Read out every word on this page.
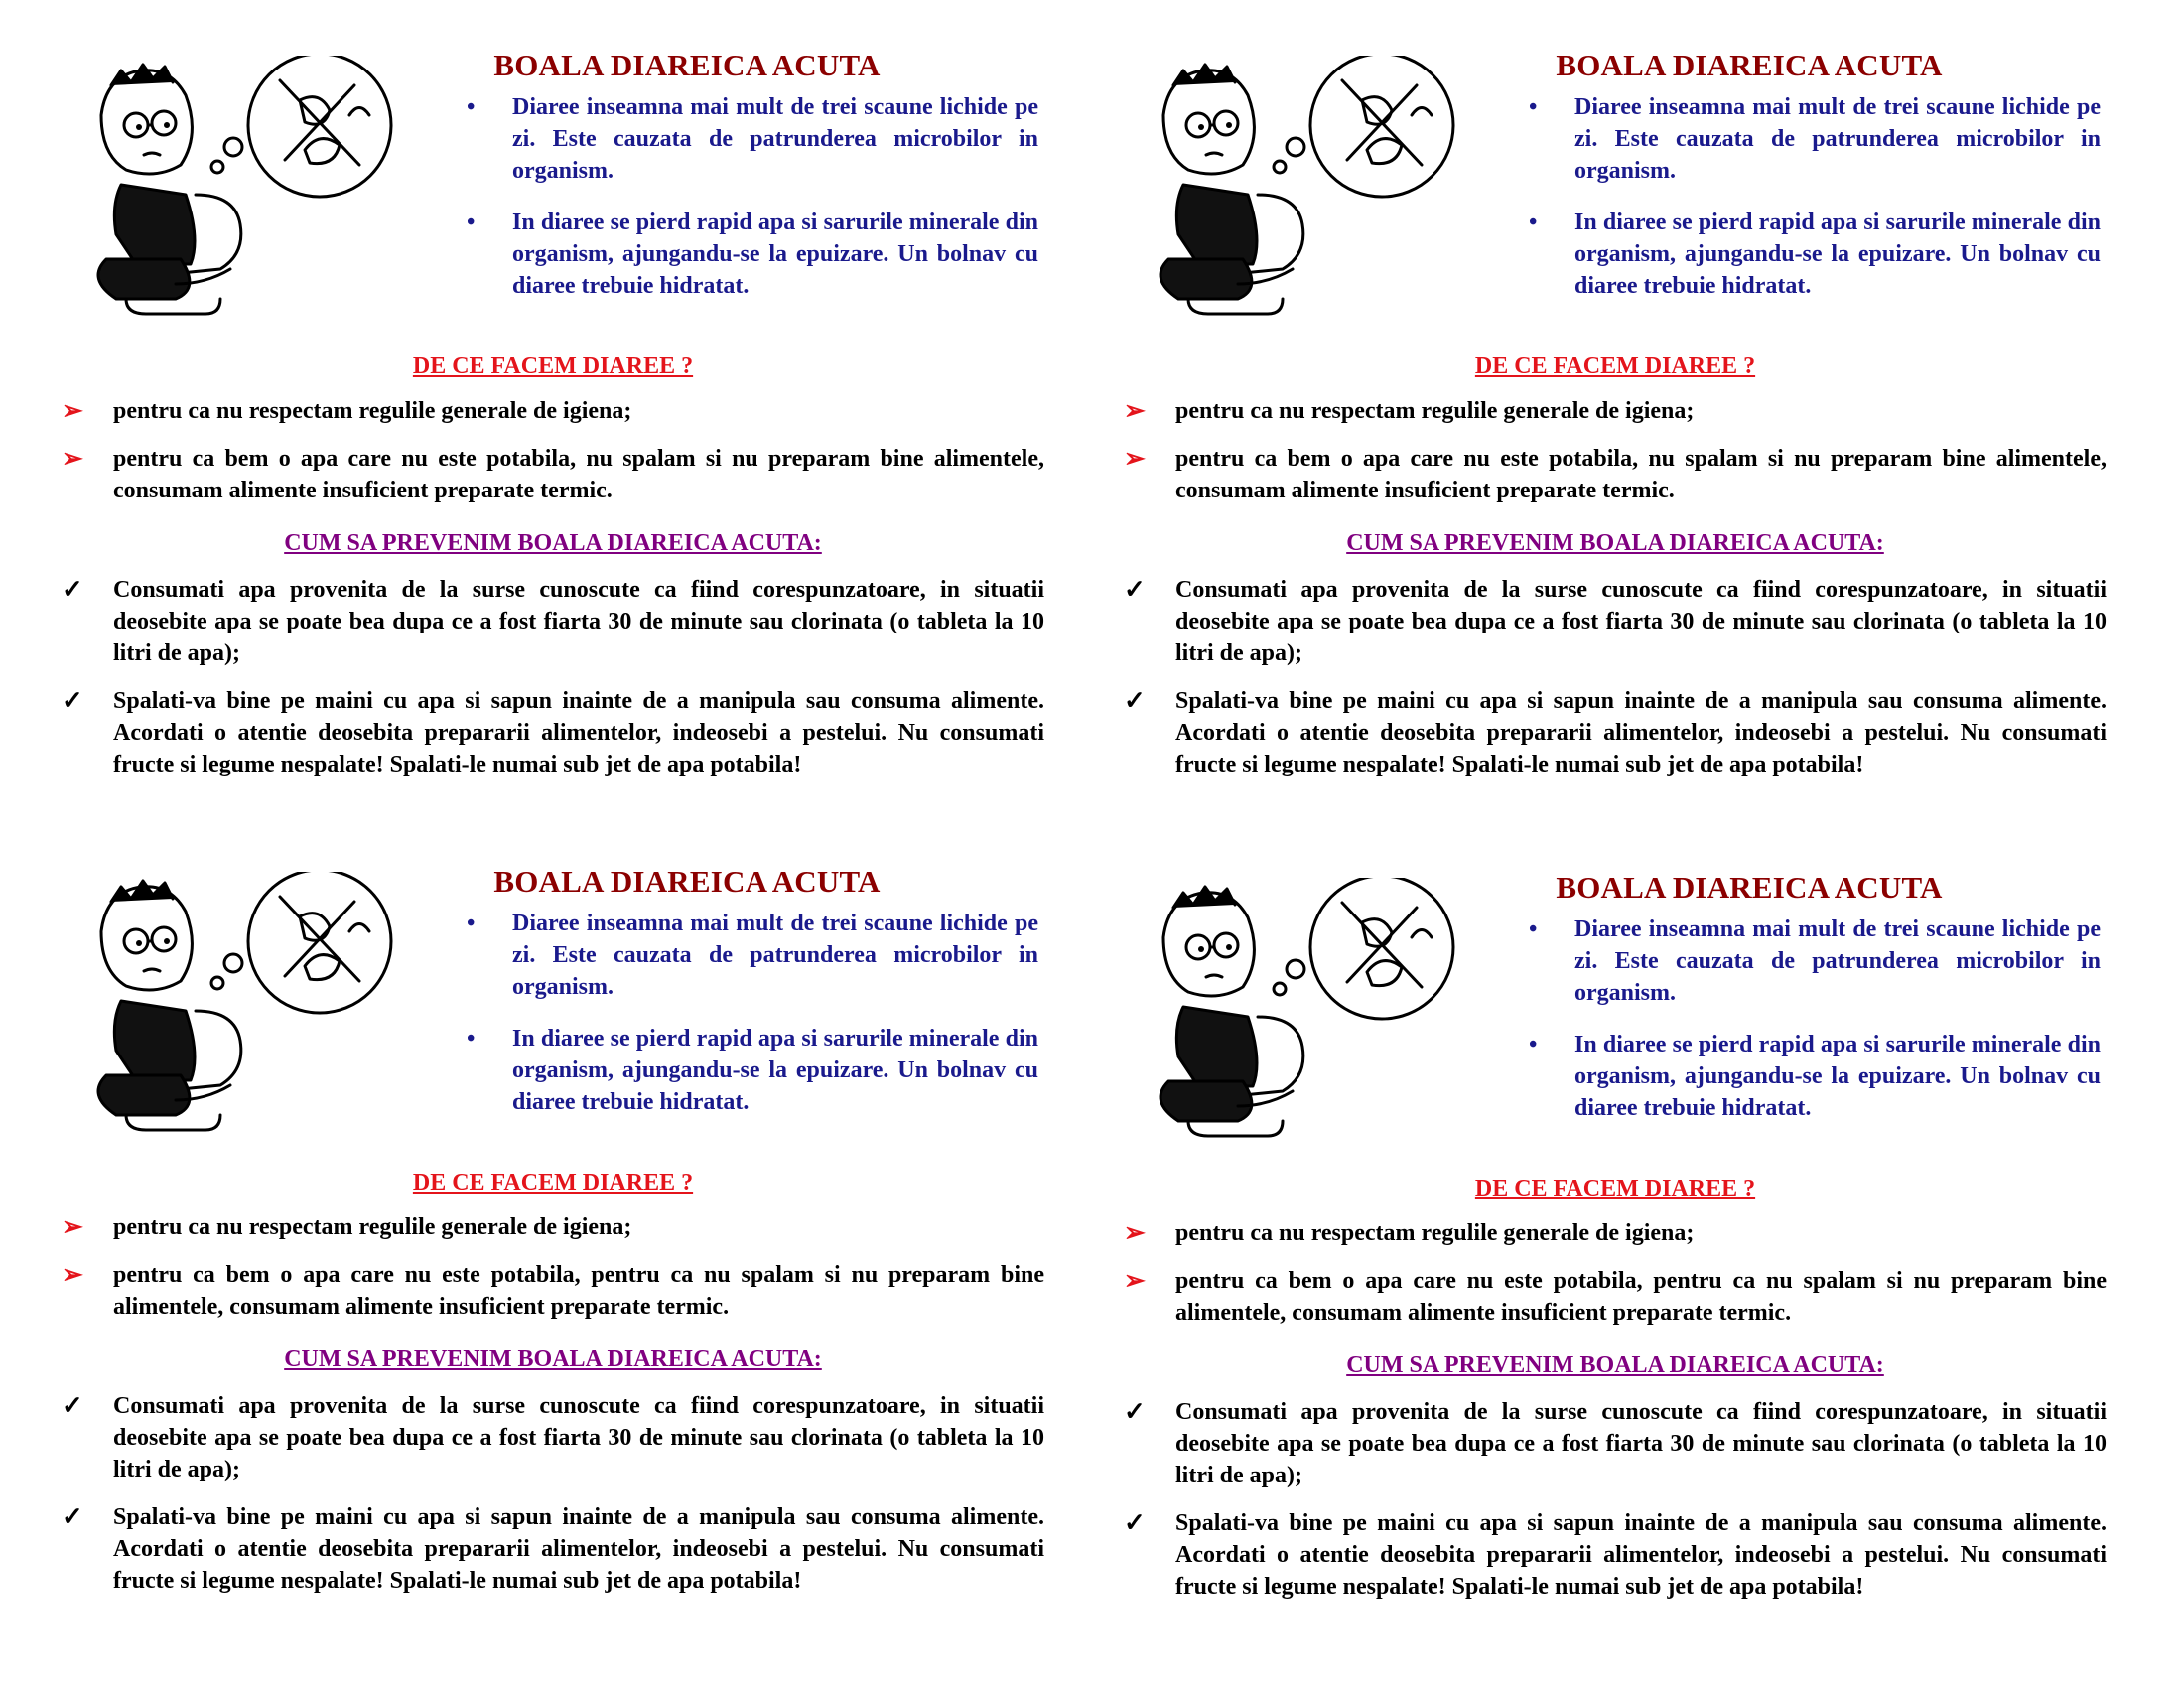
BOALA DIAREICA ACUTA
• Diaree inseamna mai mult de trei scaune lichide pe zi. Este cauzata de patrunderea microbilor in organism.
• In diaree se pierd rapid apa si sarurile minerale din organism, ajungandu-se la epuizare. Un bolnav cu diaree trebuie hidratat.
DE CE FACEM DIAREE ?
➢ pentru ca nu respectam regulile generale de igiena;
➢ pentru ca bem o apa care nu este potabila, nu spalam si nu preparam bine alimentele, consumam alimente insuficient preparate termic.
CUM SA PREVENIM BOALA DIAREICA ACUTA:
✓ Consumati apa provenita de la surse cunoscute ca fiind corespunzatoare, in situatii deosebite apa se poate bea dupa ce a fost fiarta 30 de minute sau clorinata (o tableta la 10 litri de apa);
✓ Spalati-va bine pe maini cu apa si sapun inainte de a manipula sau consuma alimente. Acordati o atentie deosebita prepararii alimentelor, indeosebi a pestelui. Nu consumati fructe si legume nespalate! Spalati-le numai sub jet de apa potabila!
BOALA DIAREICA ACUTA
• Diaree inseamna mai mult de trei scaune lichide pe zi. Este cauzata de patrunderea microbilor in organism.
• In diaree se pierd rapid apa si sarurile minerale din organism, ajungandu-se la epuizare. Un bolnav cu diaree trebuie hidratat.
DE CE FACEM DIAREE ?
➢ pentru ca nu respectam regulile generale de igiena;
➢ pentru ca bem o apa care nu este potabila, nu spalam si nu preparam bine alimentele, consumam alimente insuficient preparate termic.
CUM SA PREVENIM BOALA DIAREICA ACUTA:
✓ Consumati apa provenita de la surse cunoscute ca fiind corespunzatoare, in situatii deosebite apa se poate bea dupa ce a fost fiarta 30 de minute sau clorinata (o tableta la 10 litri de apa);
✓ Spalati-va bine pe maini cu apa si sapun inainte de a manipula sau consuma alimente. Acordati o atentie deosebita prepararii alimentelor, indeosebi a pestelui. Nu consumati fructe si legume nespalate! Spalati-le numai sub jet de apa potabila!
BOALA DIAREICA ACUTA
• Diaree inseamna mai mult de trei scaune lichide pe zi. Este cauzata de patrunderea microbilor in organism.
• In diaree se pierd rapid apa si sarurile minerale din organism, ajungandu-se la epuizare. Un bolnav cu diaree trebuie hidratat.
DE CE FACEM DIAREE ?
➢ pentru ca nu respectam regulile generale de igiena;
➢ pentru ca bem o apa care nu este potabila, pentru ca nu spalam si nu preparam bine alimentele, consumam alimente insuficient preparate termic.
CUM SA PREVENIM BOALA DIAREICA ACUTA:
✓ Consumati apa provenita de la surse cunoscute ca fiind corespunzatoare, in situatii deosebite apa se poate bea dupa ce a fost fiarta 30 de minute sau clorinata (o tableta la 10 litri de apa);
✓ Spalati-va bine pe maini cu apa si sapun inainte de a manipula sau consuma alimente. Acordati o atentie deosebita prepararii alimentelor, indeosebi a pestelui. Nu consumati fructe si legume nespalate! Spalati-le numai sub jet de apa potabila!
BOALA DIAREICA ACUTA
• Diaree inseamna mai mult de trei scaune lichide pe zi. Este cauzata de patrunderea microbilor in organism.
• In diaree se pierd rapid apa si sarurile minerale din organism, ajungandu-se la epuizare. Un bolnav cu diaree trebuie hidratat.
DE CE FACEM DIAREE ?
➢ pentru ca nu respectam regulile generale de igiena;
➢ pentru ca bem o apa care nu este potabila, pentru ca nu spalam si nu preparam bine alimentele, consumam alimente insuficient preparate termic.
CUM SA PREVENIM BOALA DIAREICA ACUTA:
✓ Consumati apa provenita de la surse cunoscute ca fiind corespunzatoare, in situatii deosebite apa se poate bea dupa ce a fost fiarta 30 de minute sau clorinata (o tableta la 10 litri de apa);
✓ Spalati-va bine pe maini cu apa si sapun inainte de a manipula sau consuma alimente. Acordati o atentie deosebita prepararii alimentelor, indeosebi a pestelui. Nu consumati fructe si legume nespalate! Spalati-le numai sub jet de apa potabila!
